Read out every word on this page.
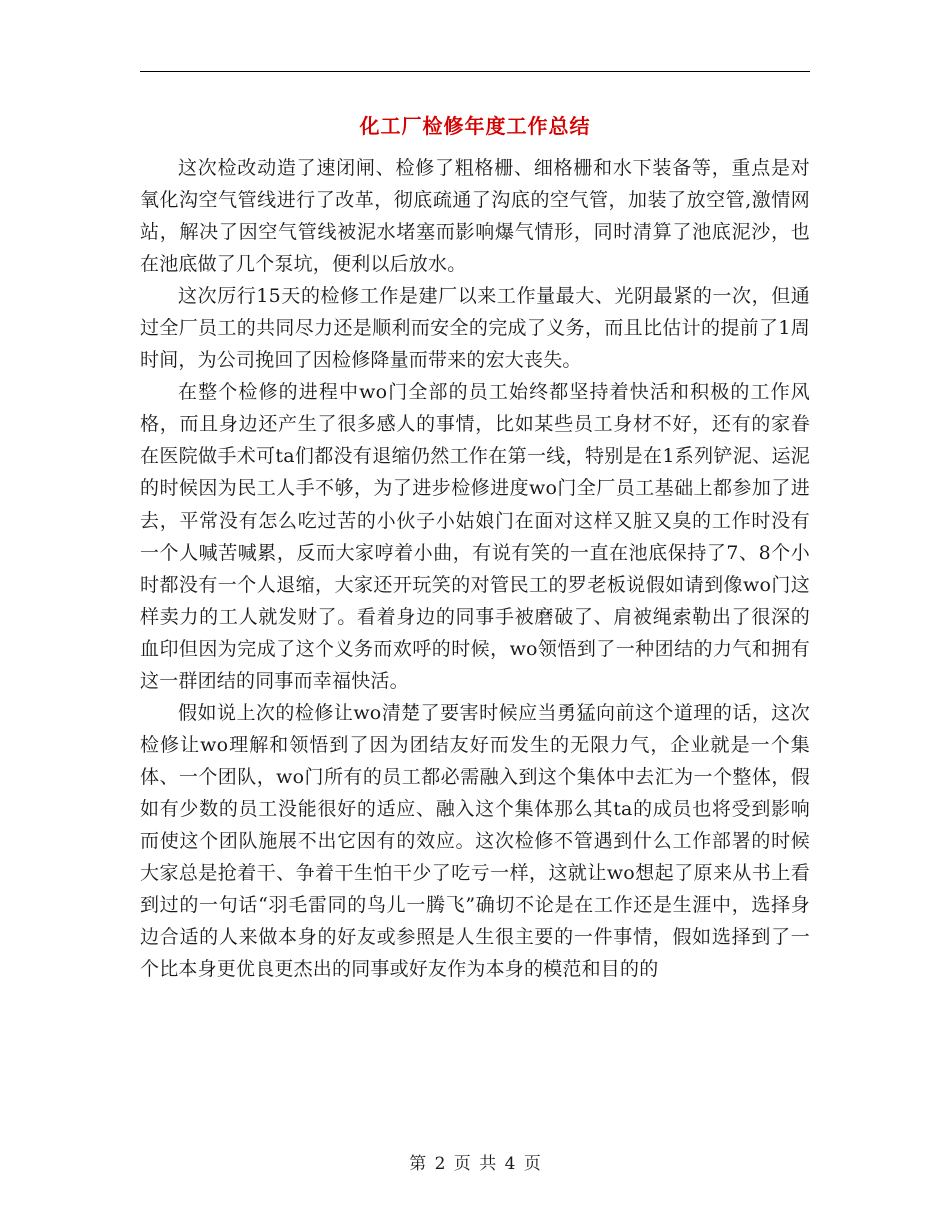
化工厂检修年度工作总结

这次检改动造了速闭闸、检修了粗格栅、细格栅和水下装备等，重点是对氧化沟空气管线进行了改革，彻底疏通了沟底的空气管，加装了放空管,激情网站，解决了因空气管线被泥水堵塞而影响爆气情形，同时清算了池底泥沙，也在池底做了几个泵坑，便利以后放水。

这次厉行15天的检修工作是建厂以来工作量最大、光阴最紧的一次，但通过全厂员工的共同尽力还是顺利而安全的完成了义务，而且比估计的提前了1周时间，为公司挽回了因检修降量而带来的宏大丧失。

在整个检修的进程中wo门全部的员工始终都坚持着快活和积极的工作风格，而且身边还产生了很多感人的事情，比如某些员工身材不好，还有的家眷在医院做手术可ta们都没有退缩仍然工作在第一线，特别是在1系列铲泥、运泥的时候因为民工人手不够，为了进步检修进度wo门全厂员工基础上都参加了进去，平常没有怎么吃过苦的小伙子小姑娘门在面对这样又脏又臭的工作时没有一个人喊苦喊累，反而大家哼着小曲，有说有笑的一直在池底保持了7、8个小时都没有一个人退缩，大家还开玩笑的对管民工的罗老板说假如请到像wo门这样卖力的工人就发财了。看着身边的同事手被磨破了、肩被绳索勒出了很深的血印但因为完成了这个义务而欢呼的时候，wo领悟到了一种团结的力气和拥有这一群团结的同事而幸福快活。

假如说上次的检修让wo清楚了要害时候应当勇猛向前这个道理的话，这次检修让wo理解和领悟到了因为团结友好而发生的无限力气，企业就是一个集体、一个团队，wo门所有的员工都必需融入到这个集体中去汇为一个整体，假如有少数的员工没能很好的适应、融入这个集体那么其ta的成员也将受到影响而使这个团队施展不出它因有的效应。这次检修不管遇到什么工作部署的时候大家总是抢着干、争着干生怕干少了吃亏一样，这就让wo想起了原来从书上看到过的一句话“羽毛雷同的鸟儿一腾飞”确切不论是在工作还是生涯中，选择身边合适的人来做本身的好友或参照是人生很主要的一件事情，假如选择到了一个比本身更优良更杰出的同事或好友作为本身的模范和目的的

第 2 页 共 4 页
